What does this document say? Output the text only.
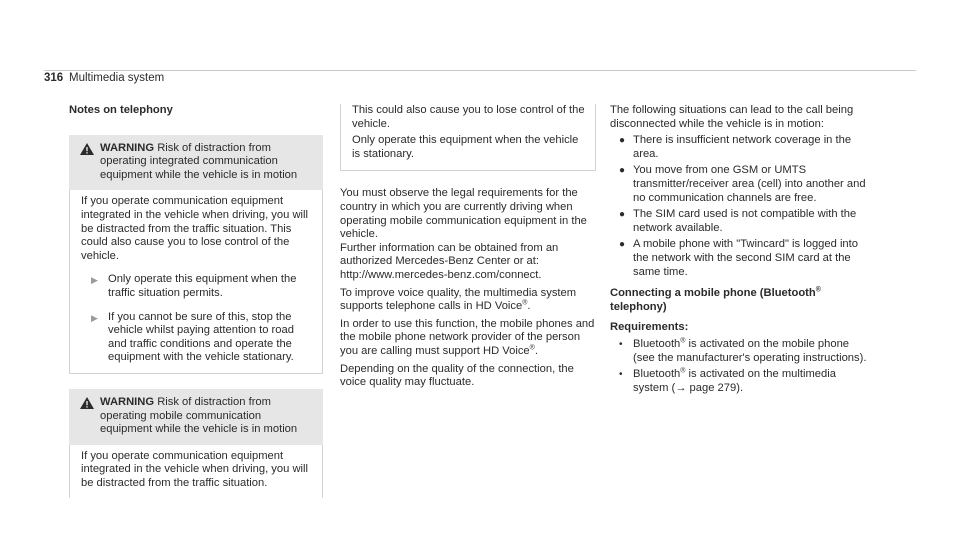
316 Multimedia system
Notes on telephony
WARNING Risk of distraction from operating integrated communication equipment while the vehicle is in motion

If you operate communication equipment integrated in the vehicle when driving, you will be distracted from the traffic situation. This could also cause you to lose control of the vehicle.

▶ Only operate this equipment when the traffic situation permits.
▶ If you cannot be sure of this, stop the vehicle whilst paying attention to road and traffic conditions and operate the equipment with the vehicle stationary.
WARNING Risk of distraction from operating mobile communication equipment while the vehicle is in motion

If you operate communication equipment integrated in the vehicle when driving, you will be distracted from the traffic situation.

This could also cause you to lose control of the vehicle.

Only operate this equipment when the vehicle is stationary.

You must observe the legal requirements for the country in which you are currently driving when operating mobile communication equipment in the vehicle.

Further information can be obtained from an authorized Mercedes-Benz Center or at: http://www.mercedes-benz.com/connect.

To improve voice quality, the multimedia system supports telephone calls in HD Voice®.

In order to use this function, the mobile phones and the mobile phone network provider of the person you are calling must support HD Voice®.

Depending on the quality of the connection, the voice quality may fluctuate.

The following situations can lead to the call being disconnected while the vehicle is in motion:

● There is insufficient network coverage in the area.
● You move from one GSM or UMTS transmitter/receiver area (cell) into another and no communication channels are free.
● The SIM card used is not compatible with the network available.
● A mobile phone with "Twincard" is logged into the network with the second SIM card at the same time.

Connecting a mobile phone (Bluetooth® telephony)

Requirements:

• Bluetooth® is activated on the mobile phone (see the manufacturer's operating instructions).
• Bluetooth® is activated on the multimedia system (→ page 279).
